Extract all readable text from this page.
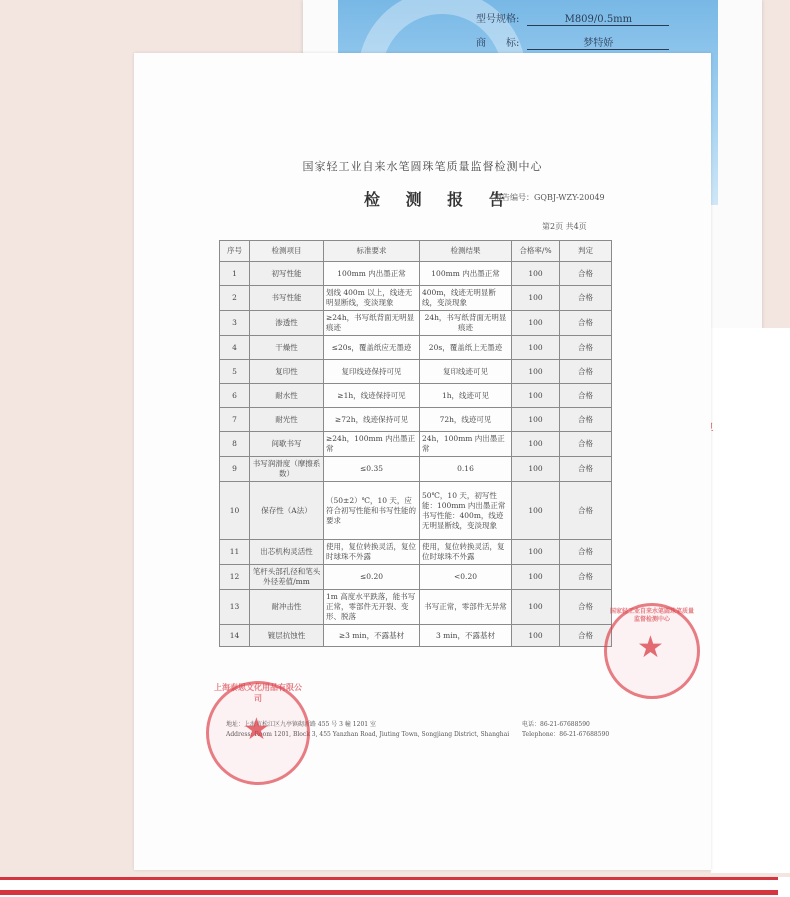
型号规格:	M809/0.5mm
商　　标:	梦特娇
国家轻工业自来水笔圆珠笔质量监督检测中心
检 测 报 告
报告编号：GQBJ-WZY-20049
第2页 共4页
序号	检测项目	标准要求	检测结果	合格率/%	判定
1	初写性能	100mm 内出墨正常	100mm 内出墨正常	100	合格
2	书写性能	划线 400m 以上，线迹无明显断线，变淡现象	400m，线迹无明显断线，变淡现象	100	合格
3	渗透性	≥24h，书写纸背面无明显痕迹	24h，书写纸背面无明显痕迹	100	合格
4	干燥性	≤20s，覆盖纸应无墨迹	20s，覆盖纸上无墨迹	100	合格
5	复印性	复印线迹保持可见	复印线迹可见	100	合格
6	耐水性	≥1h，线迹保持可见	1h，线迹可见	100	合格
7	耐光性	≥72h，线迹保持可见	72h，线迹可见	100	合格
8	间歇书写	≥24h，100mm 内出墨正常	24h，100mm 内出墨正常	100	合格
9	书写润滑度（摩擦系数）	≤0.35	0.16	100	合格
10	保存性（A法）	（50±2）℃，10 天，应符合初写性能和书写性能的要求	50℃，10 天，初写性能：100mm 内出墨正常 书写性能：400m，线迹无明显断线，变淡现象	100	合格
11	出芯机构灵活性	使用，复位转换灵活，复位时球珠不外露	使用，复位转换灵活，复位时球珠不外露	100	合格
12	笔杆头部孔径和笔头外径差值/mm	≤0.20	<0.20	100	合格
13	耐冲击性	1m 高度水平跌落，能书写正常，零部件无开裂、变形、脱落	书写正常，零部件无异常	100	合格
14	镀层抗蚀性	≥3 min，不露基材	3 min，不露基材	100	合格
地址：上海市松江区九亭镇砌新路 455 号 3 幢 1201 室
Address: Room 1201, Block 3, 455 Yanzhan Road, Jiuting Town, Songjiang District, Shanghai
电话：86-21-67688590
Telephone：86-21-67688590
★
上海泰思文化用品有限公司
★
国家轻工业自来水笔圆珠笔质量监督检测中心
